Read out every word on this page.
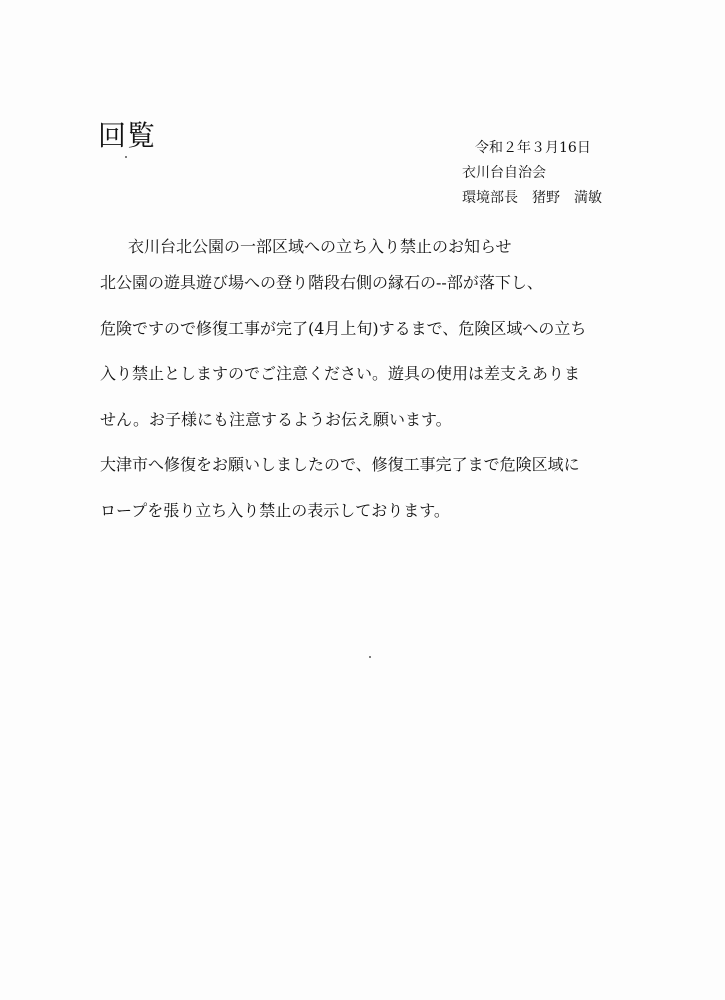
回覧	令和２年３月16日
衣川台自治会
環境部長　猪野　満敏
衣川台北公園の一部区域への立ち入り禁止のお知らせ

北公園の遊具遊び場への登り階段右側の縁石の--部が落下し、

危険ですので修復工事が完了(4月上旬)するまで、危険区域への立ち

入り禁止としますのでご注意ください。遊具の使用は差支えありま

せん。お子様にも注意するようお伝え願います。

大津市へ修復をお願いしましたので、修復工事完了まで危険区域に

ロープを張り立ち入り禁止の表示しております。
